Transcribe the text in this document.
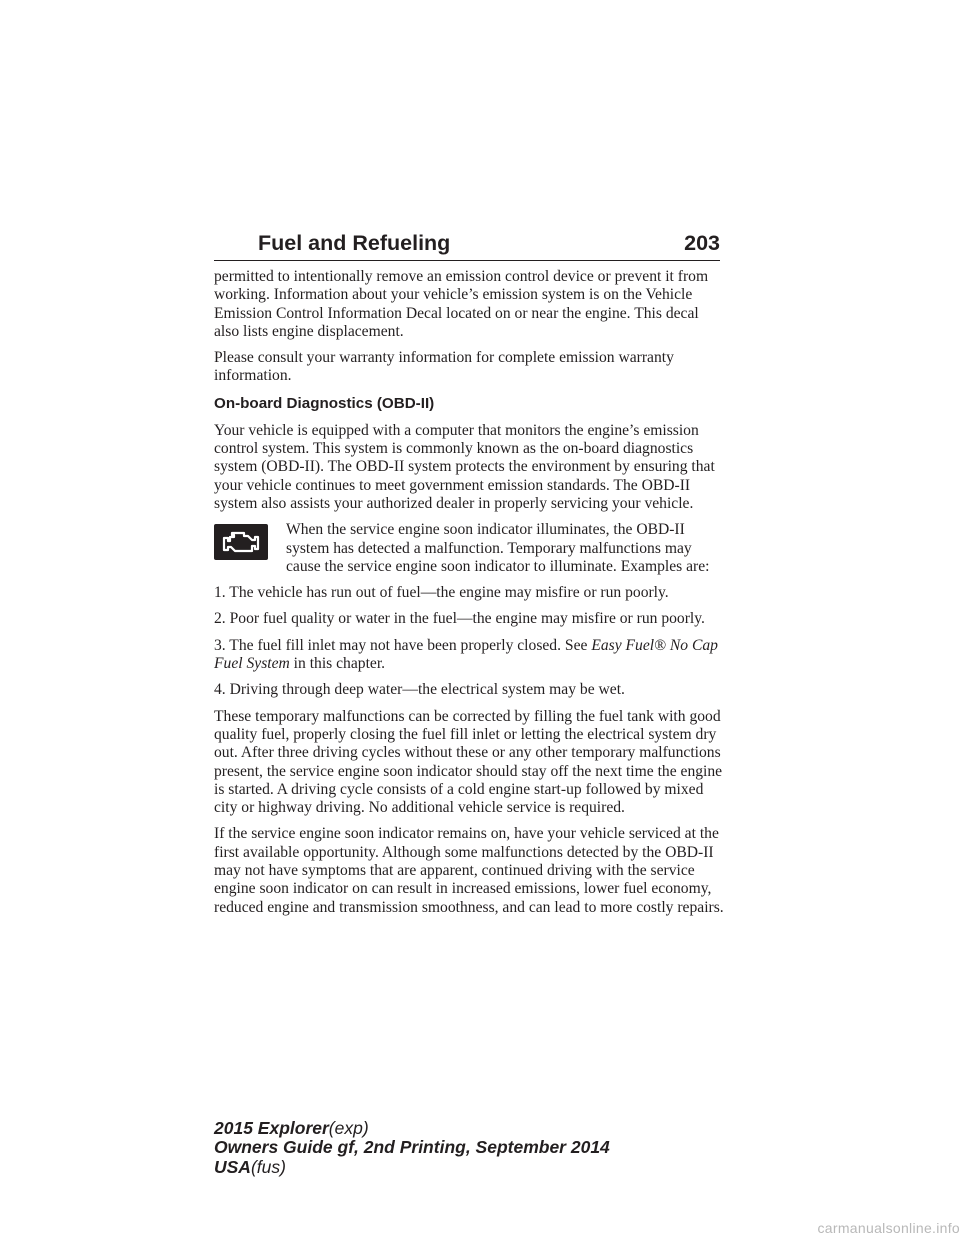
Fuel and Refueling	203

permitted to intentionally remove an emission control device or prevent it from working. Information about your vehicle’s emission system is on the Vehicle Emission Control Information Decal located on or near the engine. This decal also lists engine displacement.

Please consult your warranty information for complete emission warranty information.

On-board Diagnostics (OBD-II)

Your vehicle is equipped with a computer that monitors the engine’s emission control system. This system is commonly known as the on-board diagnostics system (OBD-II). The OBD-II system protects the environment by ensuring that your vehicle continues to meet government emission standards. The OBD-II system also assists your authorized dealer in properly servicing your vehicle.

When the service engine soon indicator illuminates, the OBD-II system has detected a malfunction. Temporary malfunctions may cause the service engine soon indicator to illuminate. Examples are:

1. The vehicle has run out of fuel—the engine may misfire or run poorly.

2. Poor fuel quality or water in the fuel—the engine may misfire or run poorly.

3. The fuel fill inlet may not have been properly closed. See Easy Fuel® No Cap Fuel System in this chapter.

4. Driving through deep water—the electrical system may be wet.

These temporary malfunctions can be corrected by filling the fuel tank with good quality fuel, properly closing the fuel fill inlet or letting the electrical system dry out. After three driving cycles without these or any other temporary malfunctions present, the service engine soon indicator should stay off the next time the engine is started. A driving cycle consists of a cold engine start-up followed by mixed city or highway driving. No additional vehicle service is required.

If the service engine soon indicator remains on, have your vehicle serviced at the first available opportunity. Although some malfunctions detected by the OBD-II may not have symptoms that are apparent, continued driving with the service engine soon indicator on can result in increased emissions, lower fuel economy, reduced engine and transmission smoothness, and can lead to more costly repairs.

2015 Explorer(exp)
Owners Guide gf, 2nd Printing, September 2014
USA(fus)
carmanualsonline.info
